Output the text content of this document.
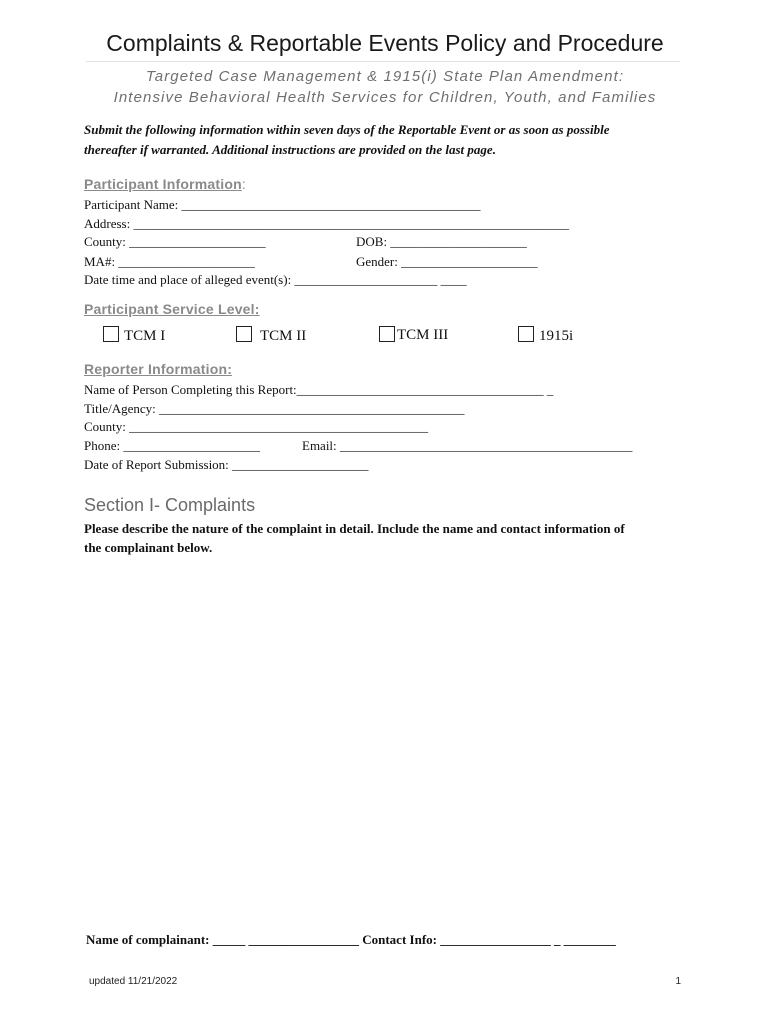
Complaints & Reportable Events Policy and Procedure
Targeted Case Management & 1915(i) State Plan Amendment:
Intensive Behavioral Health Services for Children, Youth, and Families
Submit the following information within seven days of the Reportable Event or as soon as possible
thereafter if warranted. Additional instructions are provided on the last page.
Participant Information:
Participant Name: ______________________________________________
Address: ___________________________________________________________________
County: _____________________	DOB: _____________________
MA#: _____________________	Gender: _____________________
Date time and place of alleged event(s): ______________________ ____
Participant Service Level:
TCM I	TCM II	TCM III	1915i
Reporter Information:
Name of Person Completing this Report:______________________________________ _
Title/Agency: _______________________________________________
County: ______________________________________________
Phone: _____________________	Email: _____________________________________________
Date of Report Submission: _____________________
Section I- Complaints
Please describe the nature of the complaint in detail. Include the name and contact information of
the complainant below.
Name of complainant: _____ _________________ Contact Info: _________________ _ ________
updated 11/21/2022	1
